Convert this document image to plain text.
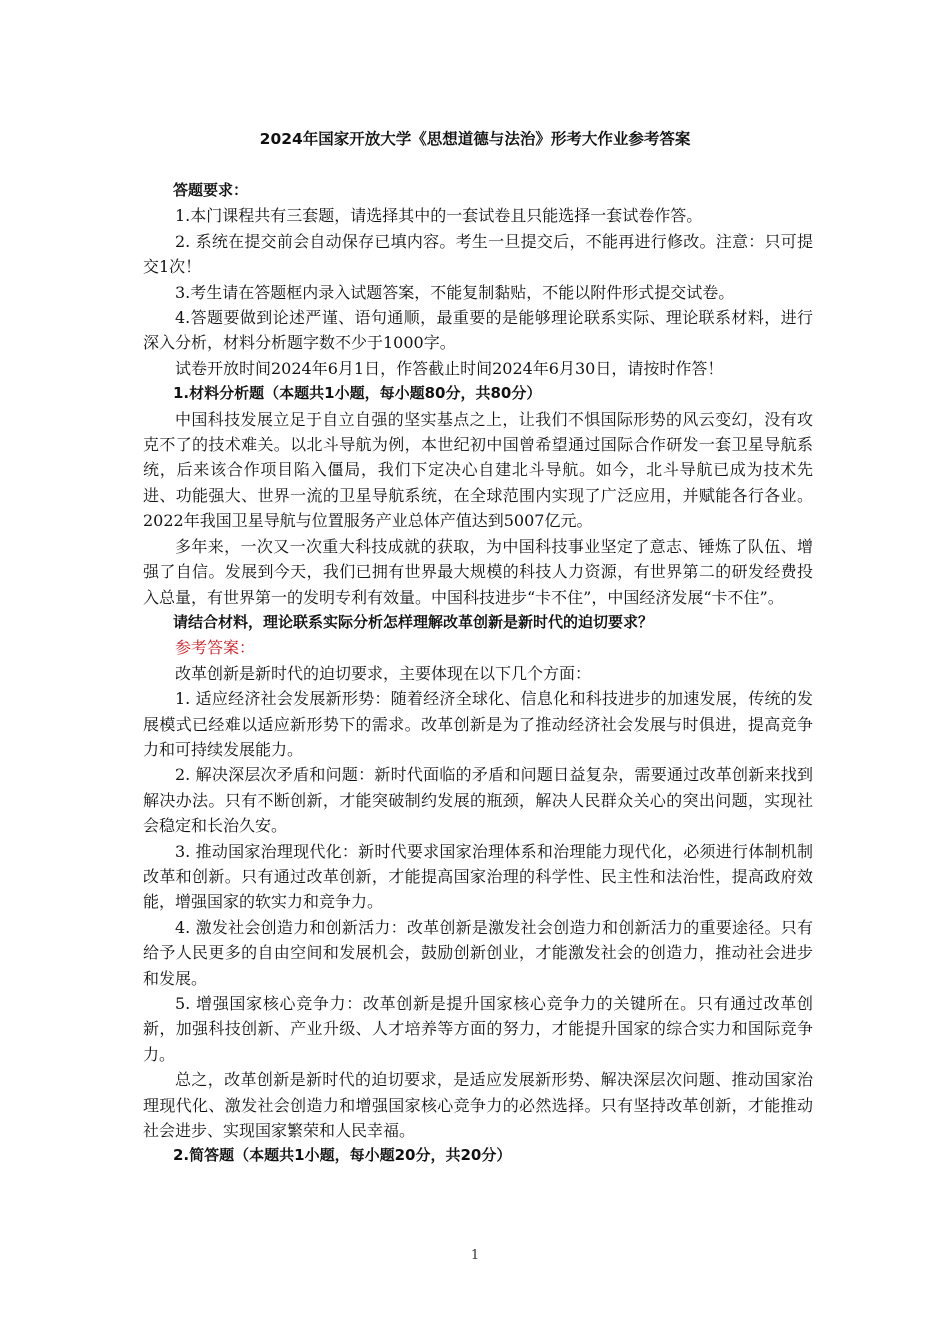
2024年国家开放大学《思想道德与法治》形考大作业参考答案

答题要求：

1.本门课程共有三套题，请选择其中的一套试卷且只能选择一套试卷作答。

2. 系统在提交前会自动保存已填内容。考生一旦提交后，不能再进行修改。注意：只可提交1次！

3.考生请在答题框内录入试题答案，不能复制黏贴，不能以附件形式提交试卷。

4.答题要做到论述严谨、语句通顺，最重要的是能够理论联系实际、理论联系材料，进行深入分析，材料分析题字数不少于1000字。

试卷开放时间2024年6月1日，作答截止时间2024年6月30日，请按时作答！

1.材料分析题（本题共1小题，每小题80分，共80分）

中国科技发展立足于自立自强的坚实基点之上，让我们不惧国际形势的风云变幻，没有攻克不了的技术难关。以北斗导航为例，本世纪初中国曾希望通过国际合作研发一套卫星导航系统，后来该合作项目陷入僵局，我们下定决心自建北斗导航。如今，北斗导航已成为技术先进、功能强大、世界一流的卫星导航系统，在全球范围内实现了广泛应用，并赋能各行各业。2022年我国卫星导航与位置服务产业总体产值达到5007亿元。

多年来，一次又一次重大科技成就的获取，为中国科技事业坚定了意志、锤炼了队伍、增强了自信。发展到今天，我们已拥有世界最大规模的科技人力资源，有世界第二的研发经费投入总量，有世界第一的发明专利有效量。中国科技进步“卡不住”，中国经济发展“卡不住”。

请结合材料，理论联系实际分析怎样理解改革创新是新时代的迫切要求？

参考答案：

改革创新是新时代的迫切要求，主要体现在以下几个方面：

1. 适应经济社会发展新形势：随着经济全球化、信息化和科技进步的加速发展，传统的发展模式已经难以适应新形势下的需求。改革创新是为了推动经济社会发展与时俱进，提高竞争力和可持续发展能力。

2. 解决深层次矛盾和问题：新时代面临的矛盾和问题日益复杂，需要通过改革创新来找到解决办法。只有不断创新，才能突破制约发展的瓶颈，解决人民群众关心的突出问题，实现社会稳定和长治久安。

3. 推动国家治理现代化：新时代要求国家治理体系和治理能力现代化，必须进行体制机制改革和创新。只有通过改革创新，才能提高国家治理的科学性、民主性和法治性，提高政府效能，增强国家的软实力和竞争力。

4. 激发社会创造力和创新活力：改革创新是激发社会创造力和创新活力的重要途径。只有给予人民更多的自由空间和发展机会，鼓励创新创业，才能激发社会的创造力，推动社会进步和发展。

5. 增强国家核心竞争力：改革创新是提升国家核心竞争力的关键所在。只有通过改革创新，加强科技创新、产业升级、人才培养等方面的努力，才能提升国家的综合实力和国际竞争力。

总之，改革创新是新时代的迫切要求，是适应发展新形势、解决深层次问题、推动国家治理现代化、激发社会创造力和增强国家核心竞争力的必然选择。只有坚持改革创新，才能推动社会进步、实现国家繁荣和人民幸福。

2.简答题（本题共1小题，每小题20分，共20分）

1
